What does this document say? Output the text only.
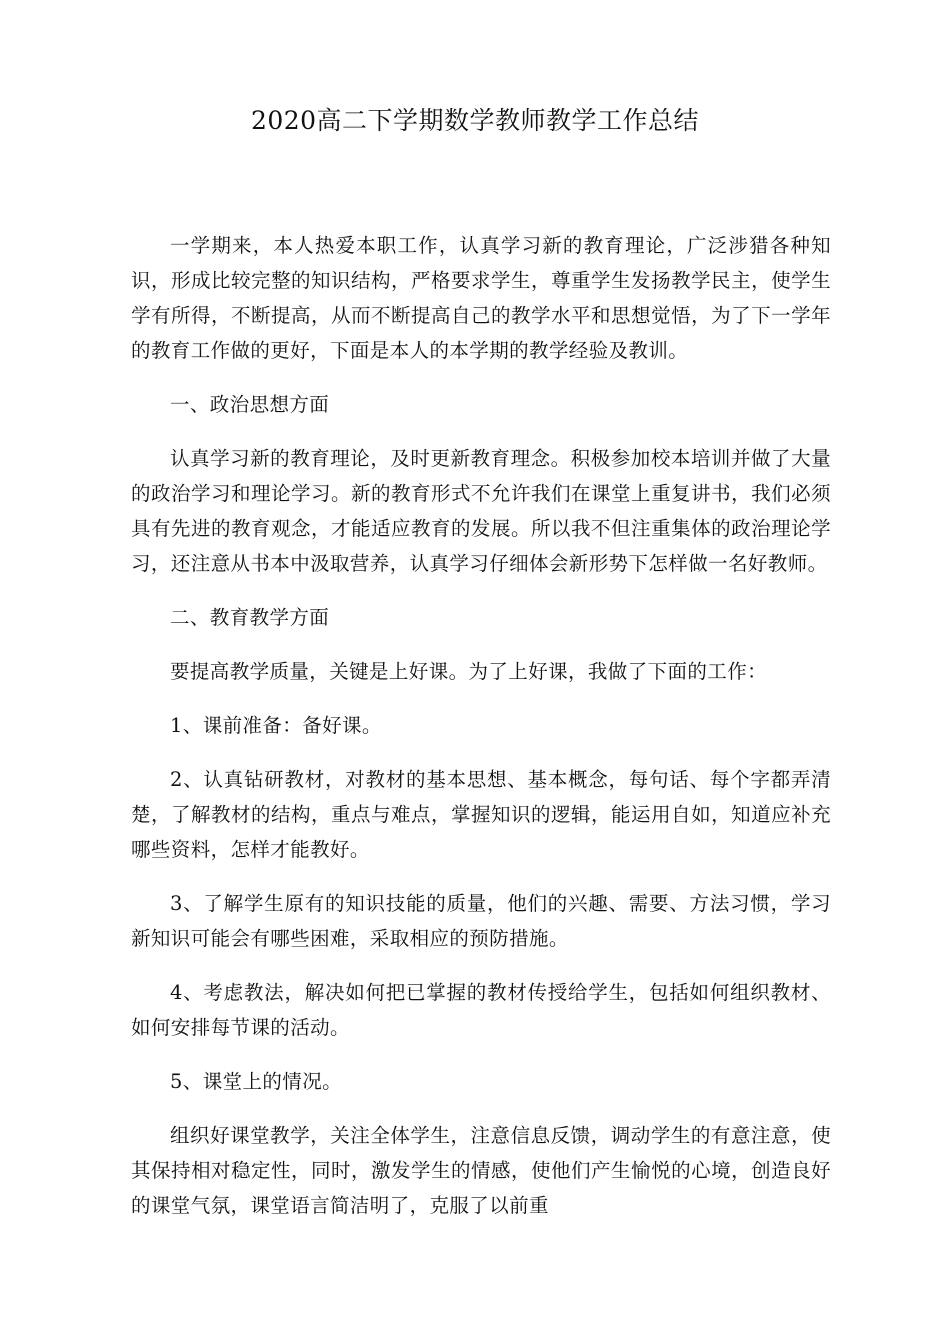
2020高二下学期数学教师教学工作总结

一学期来，本人热爱本职工作，认真学习新的教育理论，广泛涉猎各种知识，形成比较完整的知识结构，严格要求学生，尊重学生发扬教学民主，使学生学有所得，不断提高，从而不断提高自己的教学水平和思想觉悟，为了下一学年的教育工作做的更好，下面是本人的本学期的教学经验及教训。

一、政治思想方面

认真学习新的教育理论，及时更新教育理念。积极参加校本培训并做了大量的政治学习和理论学习。新的教育形式不允许我们在课堂上重复讲书，我们必须具有先进的教育观念，才能适应教育的发展。所以我不但注重集体的政治理论学习，还注意从书本中汲取营养，认真学习仔细体会新形势下怎样做一名好教师。

二、教育教学方面

要提高教学质量，关键是上好课。为了上好课，我做了下面的工作：

1、课前准备：备好课。

2、认真钻研教材，对教材的基本思想、基本概念，每句话、每个字都弄清楚，了解教材的结构，重点与难点，掌握知识的逻辑，能运用自如，知道应补充哪些资料，怎样才能教好。

3、了解学生原有的知识技能的质量，他们的兴趣、需要、方法习惯，学习新知识可能会有哪些困难，采取相应的预防措施。

4、考虑教法，解决如何把已掌握的教材传授给学生，包括如何组织教材、如何安排每节课的活动。

5、课堂上的情况。

组织好课堂教学，关注全体学生，注意信息反馈，调动学生的有意注意，使其保持相对稳定性，同时，激发学生的情感，使他们产生愉悦的心境，创造良好的课堂气氛，课堂语言简洁明了，克服了以前重
